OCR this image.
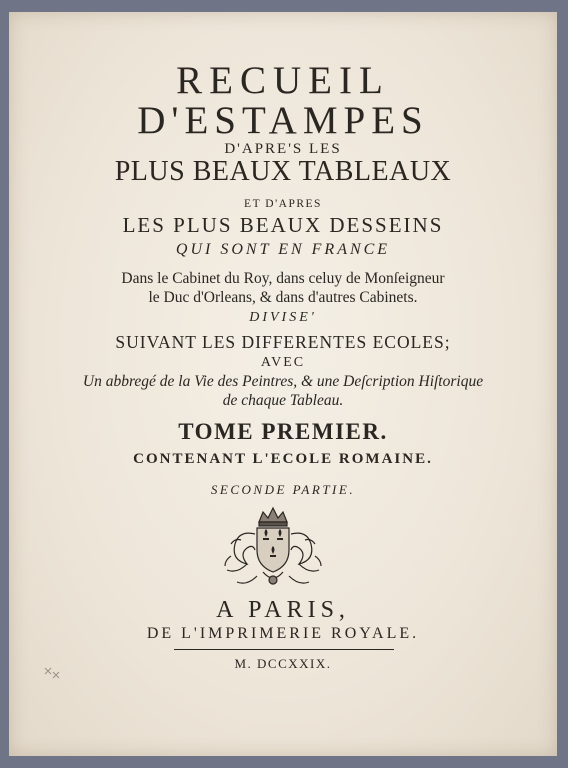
RECUEIL
D'ESTAMPES
D'APRE'S LES
PLUS BEAUX TABLEAUX
ET D'APRES
LES PLUS BEAUX DESSEINS
QUI SONT EN FRANCE
Dans le Cabinet du Roy, dans celuy de Monſeigneur
le Duc d'Orleans, & dans d'autres Cabinets.
DIVISE'
SUIVANT LES DIFFERENTES ECOLES;
AVEC
Un abbregé de la Vie des Peintres, & une Deſcription Hiſtorique
de chaque Tableau.
TOME PREMIER.
CONTENANT L'ECOLE ROMAINE.
SECONDE PARTIE.
A PARIS,
DE L'IMPRIMERIE ROYALE.
M. DCCXXIX.
